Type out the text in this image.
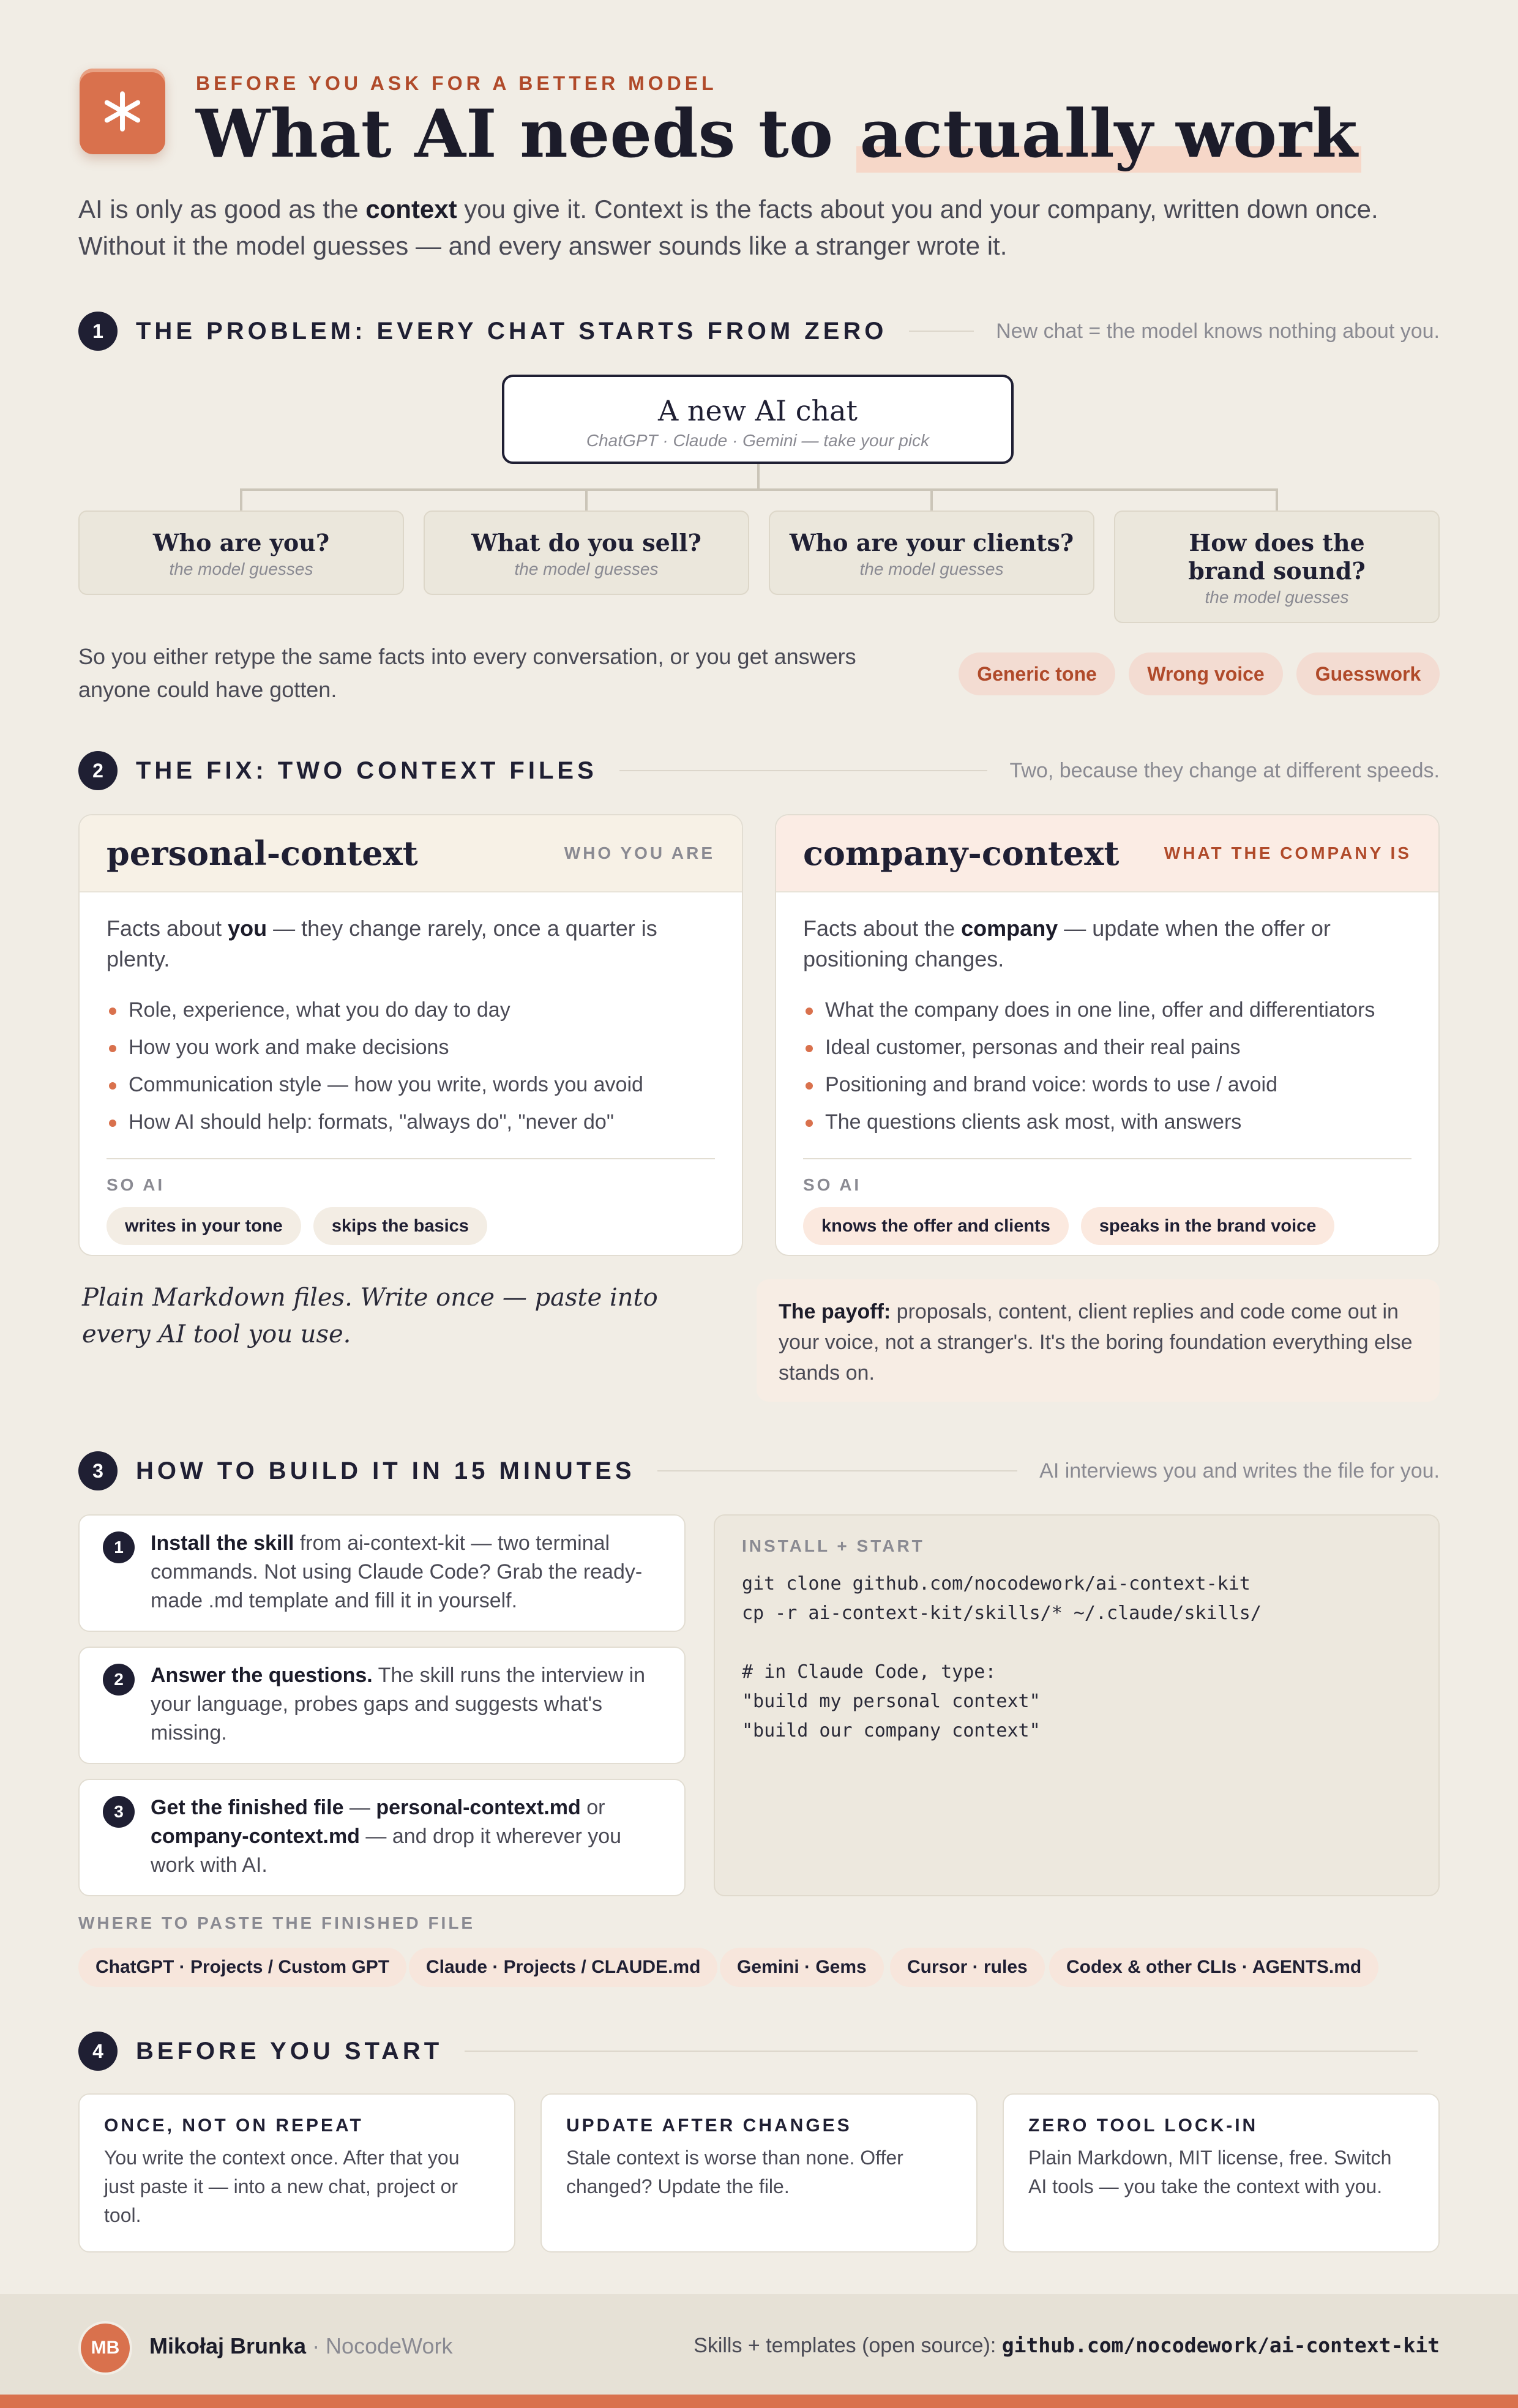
BEFORE YOU ASK FOR A BETTER MODEL
What AI needs to actually work
AI is only as good as the context you give it. Context is the facts about you and your company, written down once. Without it the model guesses — and every answer sounds like a stranger wrote it.
1	THE PROBLEM: EVERY CHAT STARTS FROM ZERO	New chat = the model knows nothing about you.
A new AI chat
ChatGPT · Claude · Gemini — take your pick
Who are you?
the model guesses
What do you sell?
the model guesses
Who are your clients?
the model guesses
How does the brand sound?
the model guesses
So you either retype the same facts into every conversation, or you get answers anyone could have gotten.
Generic tone	Wrong voice	Guesswork
2	THE FIX: TWO CONTEXT FILES	Two, because they change at different speeds.
personal-context	WHO YOU ARE
Facts about you — they change rarely, once a quarter is plenty.
Role, experience, what you do day to day
How you work and make decisions
Communication style — how you write, words you avoid
How AI should help: formats, "always do", "never do"
SO AI
writes in your tone	skips the basics
company-context	WHAT THE COMPANY IS
Facts about the company — update when the offer or positioning changes.
What the company does in one line, offer and differentiators
Ideal customer, personas and their real pains
Positioning and brand voice: words to use / avoid
The questions clients ask most, with answers
SO AI
knows the offer and clients	speaks in the brand voice
Plain Markdown files. Write once — paste into every AI tool you use.
The payoff: proposals, content, client replies and code come out in your voice, not a stranger's. It's the boring foundation everything else stands on.
3	HOW TO BUILD IT IN 15 MINUTES	AI interviews you and writes the file for you.
1	Install the skill from ai-context-kit — two terminal commands. Not using Claude Code? Grab the ready-made .md template and fill it in yourself.
2	Answer the questions. The skill runs the interview in your language, probes gaps and suggests what's missing.
3	Get the finished file — personal-context.md or company-context.md — and drop it wherever you work with AI.
INSTALL + START
git clone github.com/nocodework/ai-context-kit
cp -r ai-context-kit/skills/* ~/.claude/skills/
# in Claude Code, type:
"build my personal context"
"build our company context"
WHERE TO PASTE THE FINISHED FILE
ChatGPT · Projects / Custom GPT	Claude · Projects / CLAUDE.md	Gemini · Gems	Cursor · rules	Codex & other CLIs · AGENTS.md
4	BEFORE YOU START
ONCE, NOT ON REPEAT
You write the context once. After that you just paste it — into a new chat, project or tool.
UPDATE AFTER CHANGES
Stale context is worse than none. Offer changed? Update the file.
ZERO TOOL LOCK-IN
Plain Markdown, MIT license, free. Switch AI tools — you take the context with you.
MB	Mikołaj Brunka · NocodeWork	Skills + templates (open source): github.com/nocodework/ai-context-kit
